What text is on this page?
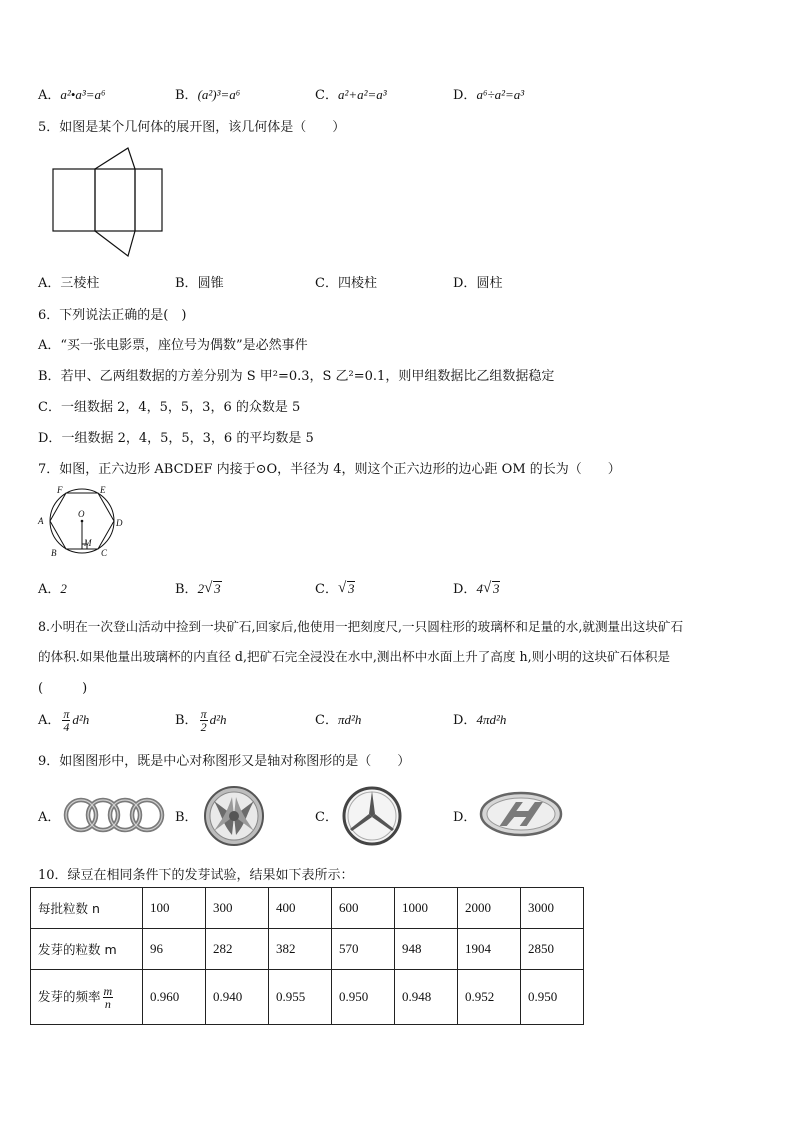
A．a²•a³=a⁶	B．(a²)³=a⁶	C．a²+a²=a³	D．a⁶÷a²=a³
5．如图是某个几何体的展开图，该几何体是（　　）
A．三棱柱	B．圆锥	C．四棱柱	D．圆柱
6．下列说法正确的是(　)
A．“买一张电影票，座位号为偶数”是必然事件
B．若甲、乙两组数据的方差分别为 S 甲²=0.3，S 乙²=0.1，则甲组数据比乙组数据稳定
C．一组数据 2，4，5，5，3，6 的众数是 5
D．一组数据 2，4，5，5，3，6 的平均数是 5
7．如图，正六边形 ABCDEF 内接于⊙O，半径为 4，则这个正六边形的边心距 OM 的长为（　　）
F	E
A	D
B	C
O
M
A．2	B．2 √ 3	C． √ 3	D．4 √ 3
8.小明在一次登山活动中捡到一块矿石,回家后,他使用一把刻度尺,一只圆柱形的玻璃杯和足量的水,就测量出这块矿石
的体积.如果他量出玻璃杯的内直径 d,把矿石完全浸没在水中,测出杯中水面上升了高度 h,则小明的这块矿石体积是
(　　　)
A． $\frac{\pi}{4} d^2h$	B． $\frac{\pi}{2} d^2h$	C．πd²h	D．4πd²h
9．如图图形中，既是中心对称图形又是轴对称图形的是（　　）
A．	B．	C．	D．
10．绿豆在相同条件下的发芽试验，结果如下表所示：
每批粒数 n	100	300	400	600	1000	2000	3000
发芽的粒数 m	96	282	382	570	948	1904	2850
发芽的频率 $\frac{m}{n}$	0.960	0.940	0.955	0.950	0.948	0.952	0.950
